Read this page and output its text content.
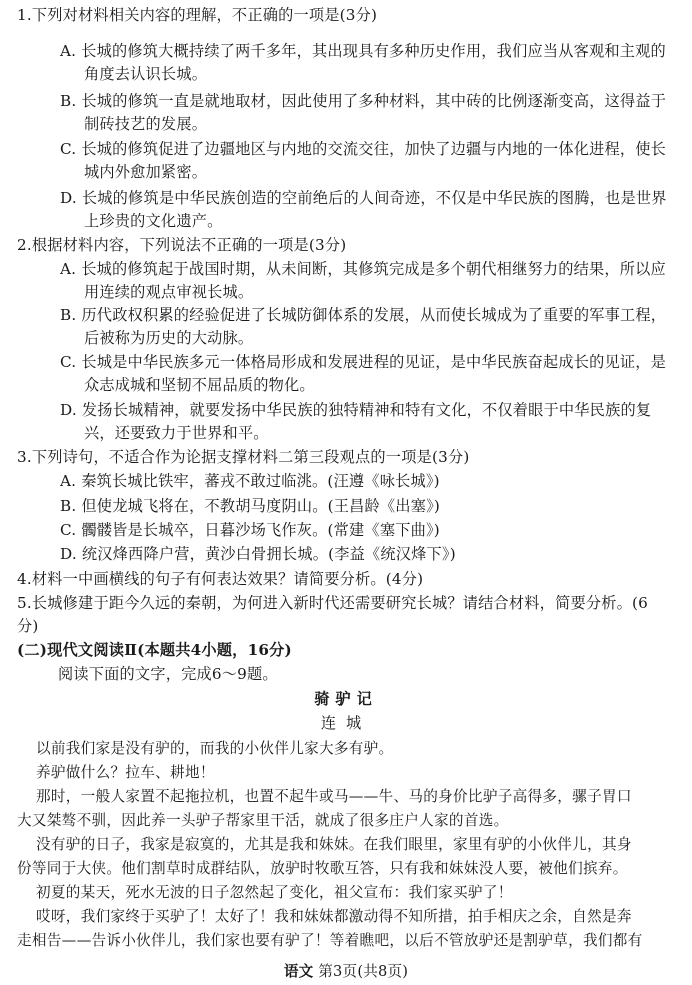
1.下列对材料相关内容的理解，不正确的一项是(3分)
A. 长城的修筑大概持续了两千多年，其出现具有多种历史作用，我们应当从客观和主观的
角度去认识长城。
B. 长城的修筑一直是就地取材，因此使用了多种材料，其中砖的比例逐渐变高，这得益于
制砖技艺的发展。
C. 长城的修筑促进了边疆地区与内地的交流交往，加快了边疆与内地的一体化进程，使长
城内外愈加紧密。
D. 长城的修筑是中华民族创造的空前绝后的人间奇迹，不仅是中华民族的图腾，也是世界
上珍贵的文化遗产。
2.根据材料内容，下列说法不正确的一项是(3分)
A. 长城的修筑起于战国时期，从未间断，其修筑完成是多个朝代相继努力的结果，所以应
用连续的观点审视长城。
B. 历代政权积累的经验促进了长城防御体系的发展，从而使长城成为了重要的军事工程，
后被称为历史的大动脉。
C. 长城是中华民族多元一体格局形成和发展进程的见证，是中华民族奋起成长的见证，是
众志成城和坚韧不屈品质的物化。
D. 发扬长城精神，就要发扬中华民族的独特精神和特有文化，不仅着眼于中华民族的复
兴，还要致力于世界和平。
3.下列诗句，不适合作为论据支撑材料二第三段观点的一项是(3分)
A. 秦筑长城比铁牢，蕃戎不敢过临洮。(汪遵《咏长城》)
B. 但使龙城飞将在，不教胡马度阴山。(王昌龄《出塞》)
C. 髑髅皆是长城卒，日暮沙场飞作灰。(常建《塞下曲》)
D. 统汉烽西降户营，黄沙白骨拥长城。(李益《统汉烽下》)
4.材料一中画横线的句子有何表达效果？请简要分析。(4分)
5.长城修建于距今久远的秦朝，为何进入新时代还需要研究长城？请结合材料，简要分析。(6
分)
(二)现代文阅读Ⅱ(本题共4小题，16分)
阅读下面的文字，完成6～9题。
骑驴记
连城
以前我们家是没有驴的，而我的小伙伴儿家大多有驴。
养驴做什么？拉车、耕地！
那时，一般人家置不起拖拉机，也置不起牛或马——牛、马的身价比驴子高得多，骡子胃口
大又桀骜不驯，因此养一头驴子帮家里干活，就成了很多庄户人家的首选。
没有驴的日子，我家是寂寞的，尤其是我和妹妹。在我们眼里，家里有驴的小伙伴儿，其身
份等同于大侠。他们割草时成群结队，放驴时牧歌互答，只有我和妹妹没人要，被他们摈弃。
初夏的某天，死水无波的日子忽然起了变化，祖父宣布：我们家买驴了！
哎呀，我们家终于买驴了！太好了！我和妹妹都激动得不知所措，拍手相庆之余，自然是奔
走相告——告诉小伙伴儿，我们家也要有驴了！等着瞧吧，以后不管放驴还是割驴草，我们都有
语文 第3页(共8页)
